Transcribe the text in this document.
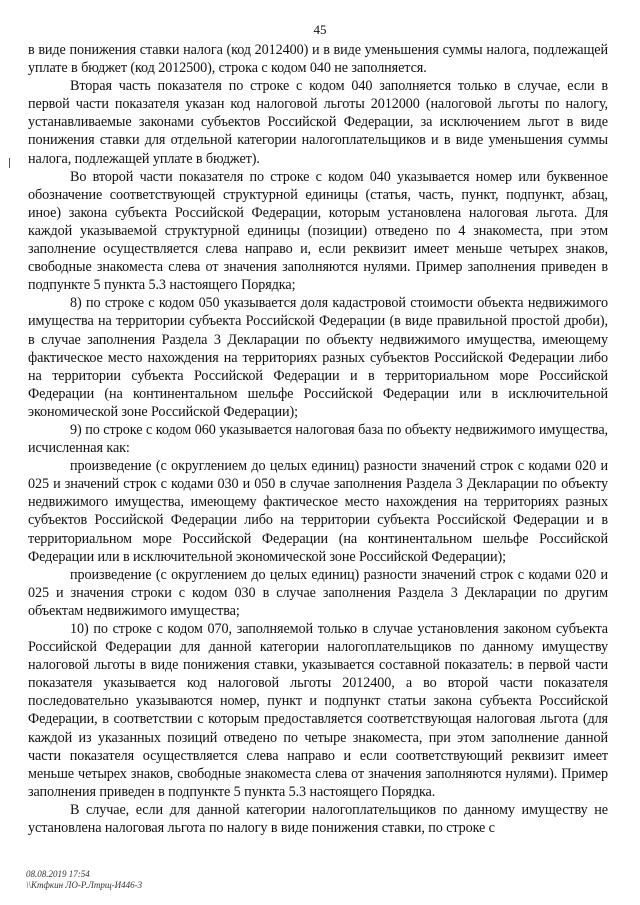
45

в виде понижения ставки налога (код 2012400) и в виде уменьшения суммы налога, подлежащей уплате в бюджет (код 2012500), строка с кодом 040 не заполняется.

Вторая часть показателя по строке с кодом 040 заполняется только в случае, если в первой части показателя указан код налоговой льготы 2012000 (налоговой льготы по налогу, устанавливаемые законами субъектов Российской Федерации, за исключением льгот в виде понижения ставки для отдельной категории налогоплательщиков и в виде уменьшения суммы налога, подлежащей уплате в бюджет).

Во второй части показателя по строке с кодом 040 указывается номер или буквенное обозначение соответствующей структурной единицы (статья, часть, пункт, подпункт, абзац, иное) закона субъекта Российской Федерации, которым установлена налоговая льгота. Для каждой указываемой структурной единицы (позиции) отведено по 4 знакоместа, при этом заполнение осуществляется слева направо и, если реквизит имеет меньше четырех знаков, свободные знакоместа слева от значения заполняются нулями. Пример заполнения приведен в подпункте 5 пункта 5.3 настоящего Порядка;

8) по строке с кодом 050 указывается доля кадастровой стоимости объекта недвижимого имущества на территории субъекта Российской Федерации (в виде правильной простой дроби), в случае заполнения Раздела 3 Декларации по объекту недвижимого имущества, имеющему фактическое место нахождения на территориях разных субъектов Российской Федерации либо на территории субъекта Российской Федерации и в территориальном море Российской Федерации (на континентальном шельфе Российской Федерации или в исключительной экономической зоне Российской Федерации);

9) по строке с кодом 060 указывается налоговая база по объекту недвижимого имущества, исчисленная как:

произведение (с округлением до целых единиц) разности значений строк с кодами 020 и 025 и значений строк с кодами 030 и 050 в случае заполнения Раздела 3 Декларации по объекту недвижимого имущества, имеющему фактическое место нахождения на территориях разных субъектов Российской Федерации либо на территории субъекта Российской Федерации и в территориальном море Российской Федерации (на континентальном шельфе Российской Федерации или в исключительной экономической зоне Российской Федерации);

произведение (с округлением до целых единиц) разности значений строк с кодами 020 и 025 и значения строки с кодом 030 в случае заполнения Раздела 3 Декларации по другим объектам недвижимого имущества;

10) по строке с кодом 070, заполняемой только в случае установления законом субъекта Российской Федерации для данной категории налогоплательщиков по данному имуществу налоговой льготы в виде понижения ставки, указывается составной показатель: в первой части показателя указывается код налоговой льготы 2012400, а во второй части показателя последовательно указываются номер, пункт и подпункт статьи закона субъекта Российской Федерации, в соответствии с которым предоставляется соответствующая налоговая льгота (для каждой из указанных позиций отведено по четыре знакоместа, при этом заполнение данной части показателя осуществляется слева направо и если соответствующий реквизит имеет меньше четырех знаков, свободные знакоместа слева от значения заполняются нулями). Пример заполнения приведен в подпункте 5 пункта 5.3 настоящего Порядка.

В случае, если для данной категории налогоплательщиков по данному имуществу не установлена налоговая льгота по налогу в виде понижения ставки, по строке с

08.08.2019 17:54
\\Ктфкин ЛО-Р.Лтрщ-И446-3
